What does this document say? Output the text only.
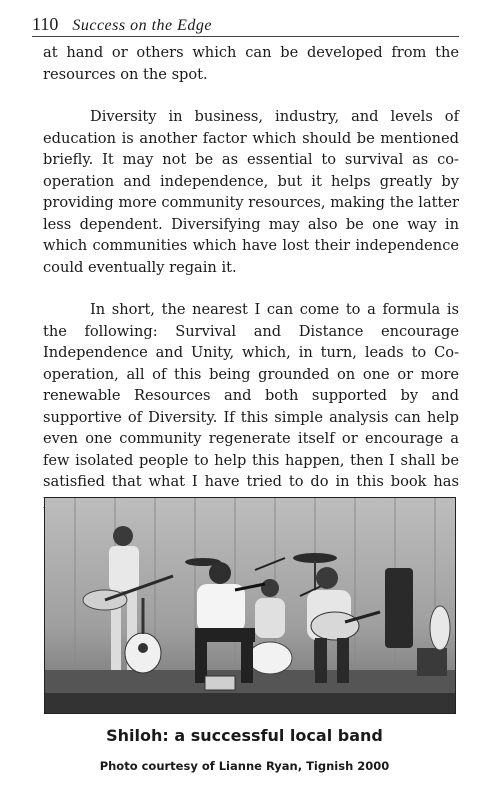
110 Success on the Edge

at hand or others which can be developed from the resources on the spot.

Diversity in business, industry, and levels of education is another factor which should be mentioned briefly. It may not be as essential to survival as co-operation and independence, but it helps greatly by providing more community resources, making the latter less dependent. Diversifying may also be one way in which communities which have lost their independence could eventually regain it.

In short, the nearest I can come to a formula is the following: Survival and Distance encourage Independence and Unity, which, in turn, leads to Co-operation, all of this being grounded on one or more renewable Resources and both supported by and supportive of Diversity. If this simple analysis can help even one community regenerate itself or encourage a few isolated people to help this happen, then I shall be satisfied that what I have tried to do in this book has

Shiloh: a successful local band
Photo courtesy of Lianne Ryan, Tignish 2000
